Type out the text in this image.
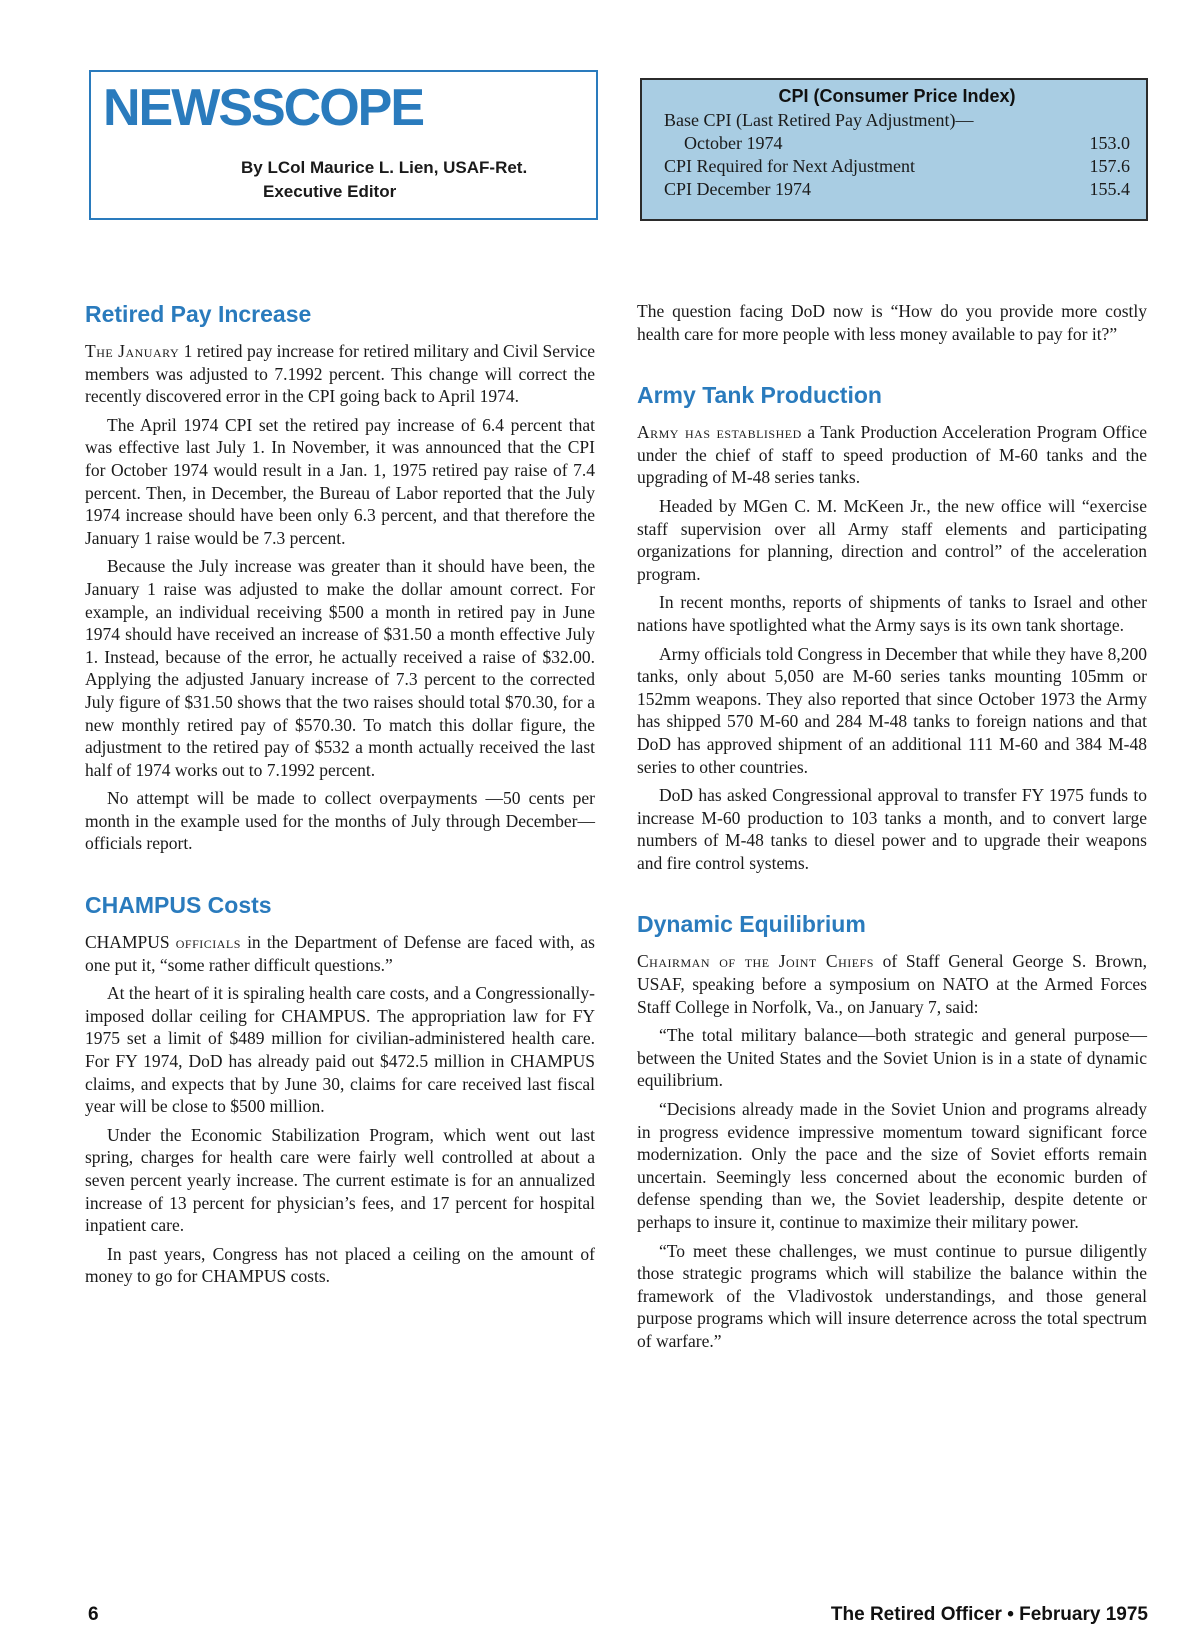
NEWSSCOPE
By LCol Maurice L. Lien, USAF-Ret.
Executive Editor
CPI (Consumer Price Index)
Base CPI (Last Retired Pay Adjustment)—
October 1974	153.0
CPI Required for Next Adjustment	157.6
CPI December 1974	155.4
Retired Pay Increase

The January 1 retired pay increase for retired military and Civil Service members was adjusted to 7.1992 percent. This change will correct the recently discovered error in the CPI going back to April 1974.

The April 1974 CPI set the retired pay increase of 6.4 percent that was effective last July 1. In November, it was announced that the CPI for October 1974 would result in a Jan. 1, 1975 retired pay raise of 7.4 percent. Then, in December, the Bureau of Labor reported that the July 1974 increase should have been only 6.3 percent, and that therefore the January 1 raise would be 7.3 percent.

Because the July increase was greater than it should have been, the January 1 raise was adjusted to make the dollar amount correct. For example, an individual receiving $500 a month in retired pay in June 1974 should have received an increase of $31.50 a month effective July 1. Instead, because of the error, he actually received a raise of $32.00. Applying the adjusted January increase of 7.3 percent to the corrected July figure of $31.50 shows that the two raises should total $70.30, for a new monthly retired pay of $570.30. To match this dollar figure, the adjustment to the retired pay of $532 a month actually received the last half of 1974 works out to 7.1992 percent.

No attempt will be made to collect overpayments —50 cents per month in the example used for the months of July through December—officials report.

CHAMPUS Costs

CHAMPUS officials in the Department of Defense are faced with, as one put it, “some rather difficult questions.”

At the heart of it is spiraling health care costs, and a Congressionally-imposed dollar ceiling for CHAMPUS. The appropriation law for FY 1975 set a limit of $489 million for civilian-administered health care. For FY 1974, DoD has already paid out $472.5 million in CHAMPUS claims, and expects that by June 30, claims for care received last fiscal year will be close to $500 million.

Under the Economic Stabilization Program, which went out last spring, charges for health care were fairly well controlled at about a seven percent yearly increase. The current estimate is for an annualized increase of 13 percent for physician’s fees, and 17 percent for hospital inpatient care.

In past years, Congress has not placed a ceiling on the amount of money to go for CHAMPUS costs.

The question facing DoD now is “How do you provide more costly health care for more people with less money available to pay for it?”

Army Tank Production

Army has established a Tank Production Acceleration Program Office under the chief of staff to speed production of M-60 tanks and the upgrading of M-48 series tanks.

Headed by MGen C. M. McKeen Jr., the new office will “exercise staff supervision over all Army staff elements and participating organizations for planning, direction and control” of the acceleration program.

In recent months, reports of shipments of tanks to Israel and other nations have spotlighted what the Army says is its own tank shortage.

Army officials told Congress in December that while they have 8,200 tanks, only about 5,050 are M-60 series tanks mounting 105mm or 152mm weapons. They also reported that since October 1973 the Army has shipped 570 M-60 and 284 M-48 tanks to foreign nations and that DoD has approved shipment of an additional 111 M-60 and 384 M-48 series to other countries.

DoD has asked Congressional approval to transfer FY 1975 funds to increase M-60 production to 103 tanks a month, and to convert large numbers of M-48 tanks to diesel power and to upgrade their weapons and fire control systems.

Dynamic Equilibrium

Chairman of the Joint Chiefs of Staff General George S. Brown, USAF, speaking before a symposium on NATO at the Armed Forces Staff College in Norfolk, Va., on January 7, said:

“The total military balance—both strategic and general purpose—between the United States and the Soviet Union is in a state of dynamic equilibrium.

“Decisions already made in the Soviet Union and programs already in progress evidence impressive momentum toward significant force modernization. Only the pace and the size of Soviet efforts remain uncertain. Seemingly less concerned about the economic burden of defense spending than we, the Soviet leadership, despite detente or perhaps to insure it, continue to maximize their military power.

“To meet these challenges, we must continue to pursue diligently those strategic programs which will stabilize the balance within the framework of the Vladivostok understandings, and those general purpose programs which will insure deterrence across the total spectrum of warfare.”

6	The Retired Officer • February 1975
